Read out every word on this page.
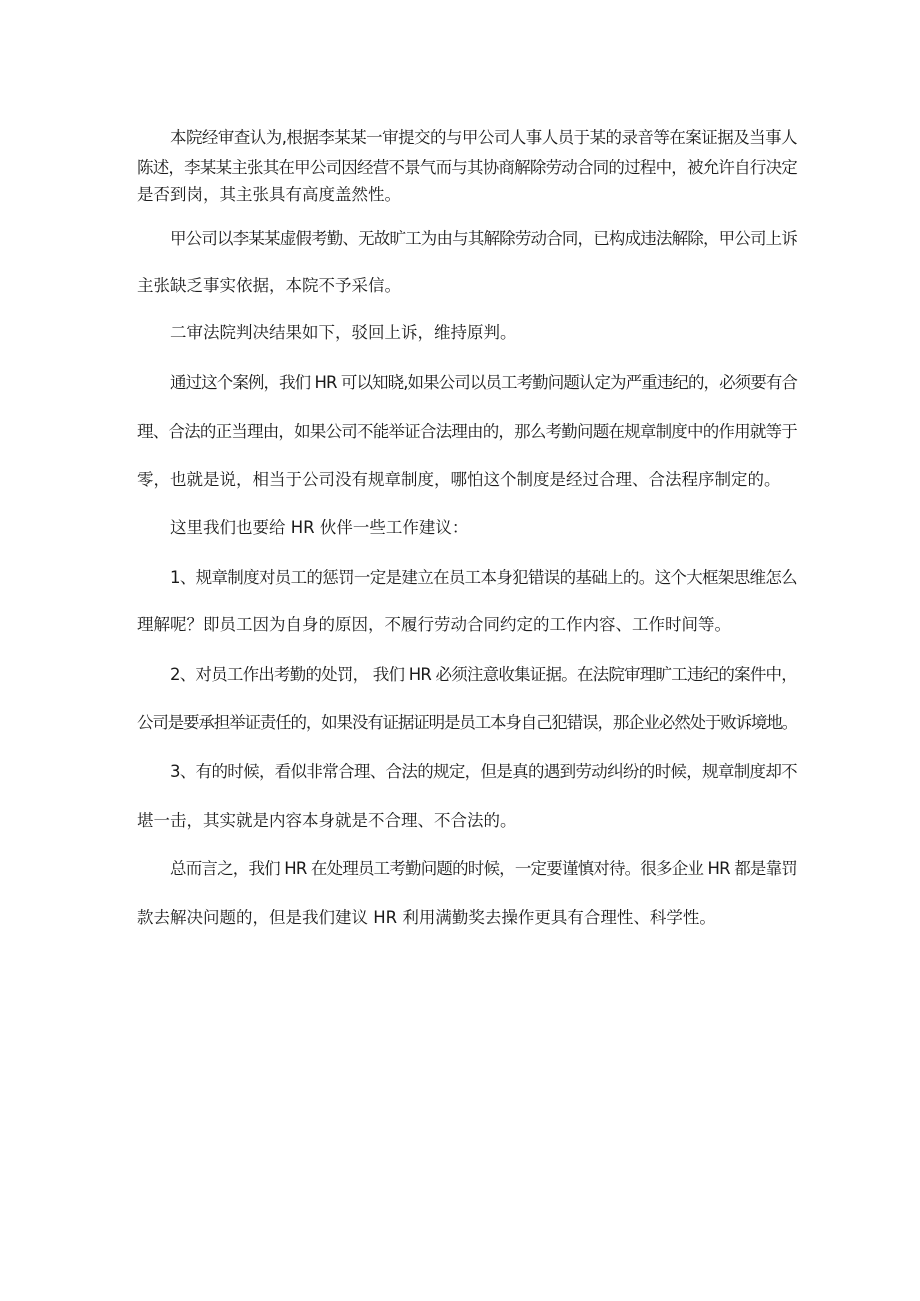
本院经审查认为,根据李某某一审提交的与甲公司人事人员于某的录音等在案证据及当事人
陈述，李某某主张其在甲公司因经营不景气而与其协商解除劳动合同的过程中，被允许自行决定
是否到岗，其主张具有高度盖然性。
甲公司以李某某虚假考勤、无故旷工为由与其解除劳动合同，已构成违法解除，甲公司上诉
主张缺乏事实依据，本院不予采信。
二审法院判决结果如下，驳回上诉，维持原判。
通过这个案例，我们 HR 可以知晓,如果公司以员工考勤问题认定为严重违纪的，必须要有合
理、合法的正当理由，如果公司不能举证合法理由的，那么考勤问题在规章制度中的作用就等于
零，也就是说，相当于公司没有规章制度，哪怕这个制度是经过合理、合法程序制定的。
这里我们也要给 HR 伙伴一些工作建议：
1、规章制度对员工的惩罚一定是建立在员工本身犯错误的基础上的。这个大框架思维怎么
理解呢？即员工因为自身的原因，不履行劳动合同约定的工作内容、工作时间等。
2、对员工作出考勤的处罚， 我们 HR 必须注意收集证据。在法院审理旷工违纪的案件中，
公司是要承担举证责任的，如果没有证据证明是员工本身自己犯错误，那企业必然处于败诉境地。
3、有的时候，看似非常合理、合法的规定，但是真的遇到劳动纠纷的时候，规章制度却不
堪一击，其实就是内容本身就是不合理、不合法的。
总而言之，我们 HR 在处理员工考勤问题的时候，一定要谨慎对待。很多企业 HR 都是靠罚
款去解决问题的，但是我们建议 HR 利用满勤奖去操作更具有合理性、科学性。
